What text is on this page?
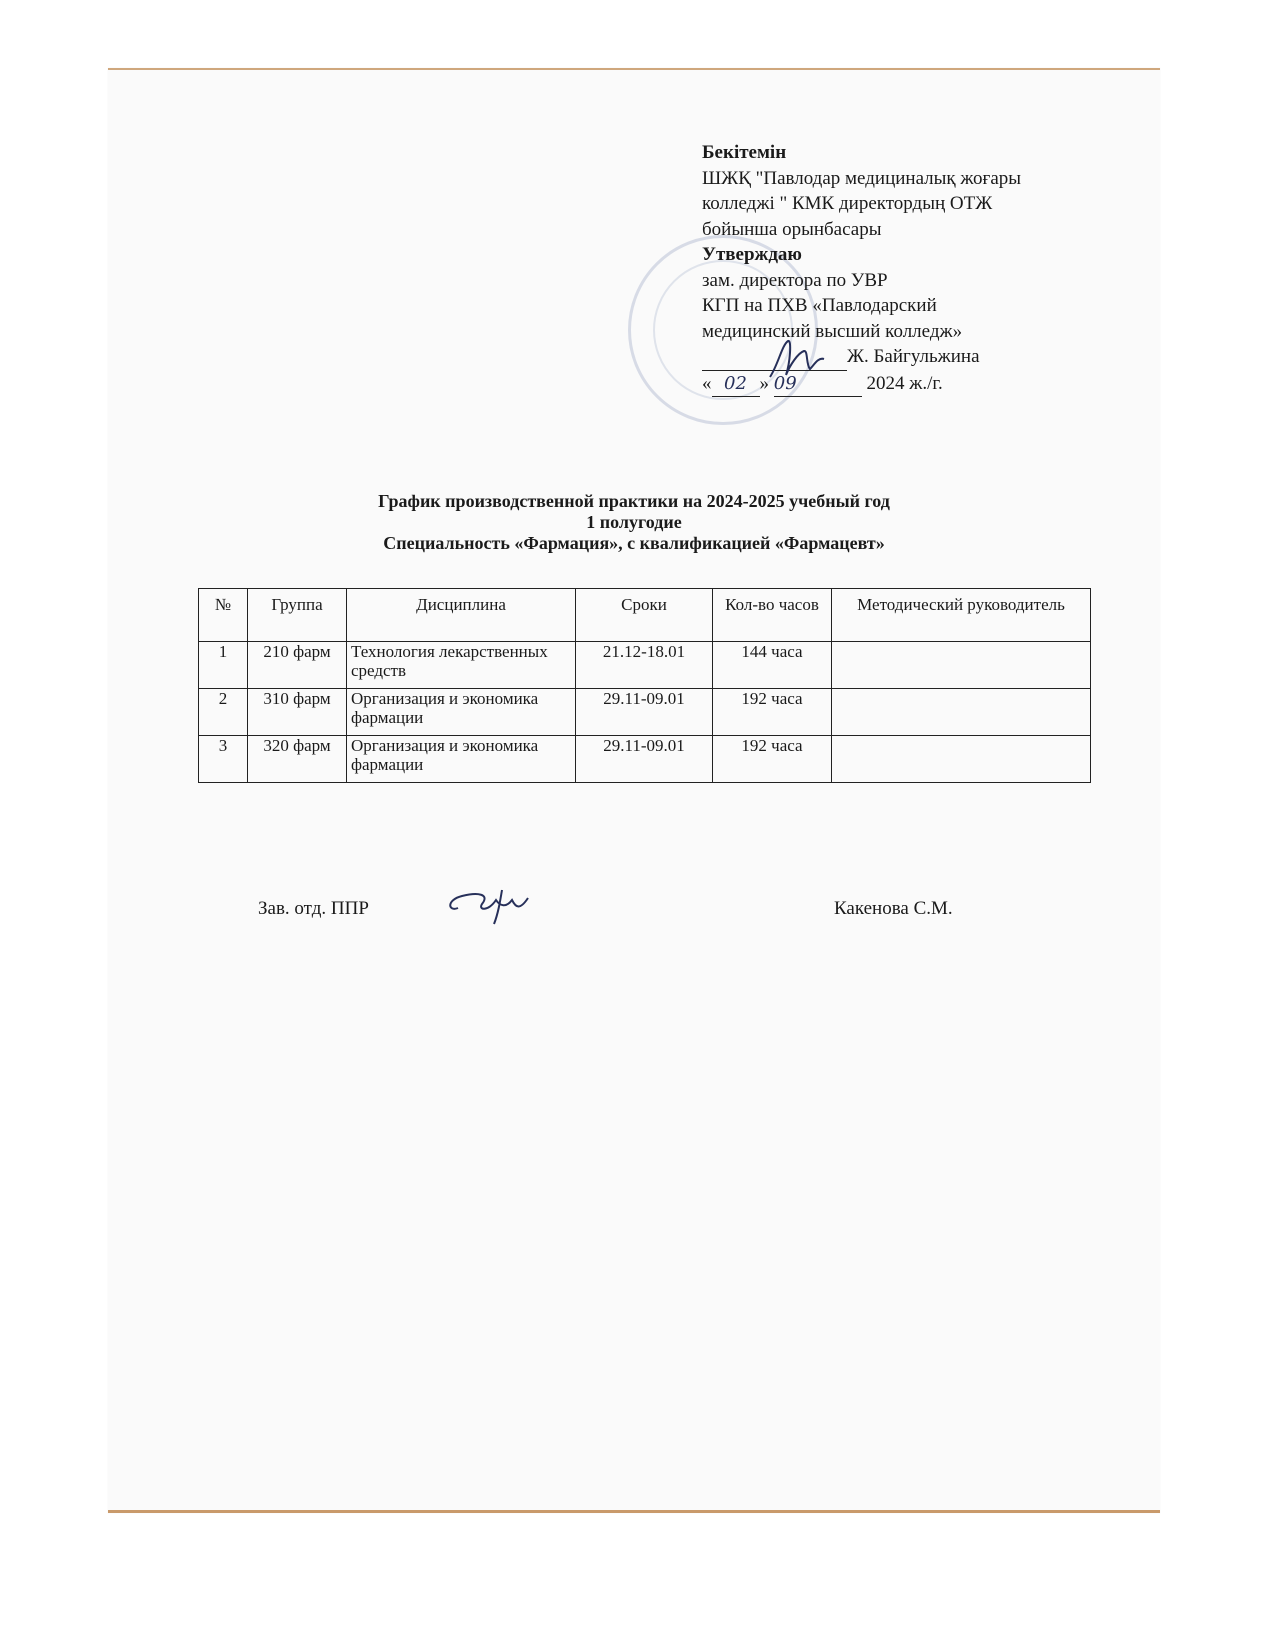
Бекітемін
ШЖҚ "Павлодар медициналық жоғары
колледжі " КМК директордың ОТЖ
бойынша орынбасары
Утверждаю
зам. директора по УВР
КГП на ПХВ «Павлодарский
медицинский высший колледж»
Ж. Байгульжина
« 02 » 09	2024 ж./г.
График производственной практики на 2024-2025 учебный год
1 полугодие
Специальность «Фармация», с квалификацией «Фармацевт»
№	Группа	Дисциплина	Сроки	Кол-во часов	Методический руководитель
1	210 фарм	Технология лекарственных средств	21.12-18.01	144 часа	
2	310 фарм	Организация и экономика фармации	29.11-09.01	192 часа	
3	320 фарм	Организация и экономика фармации	29.11-09.01	192 часа	
Зав. отд. ППР	Какенова С.М.
